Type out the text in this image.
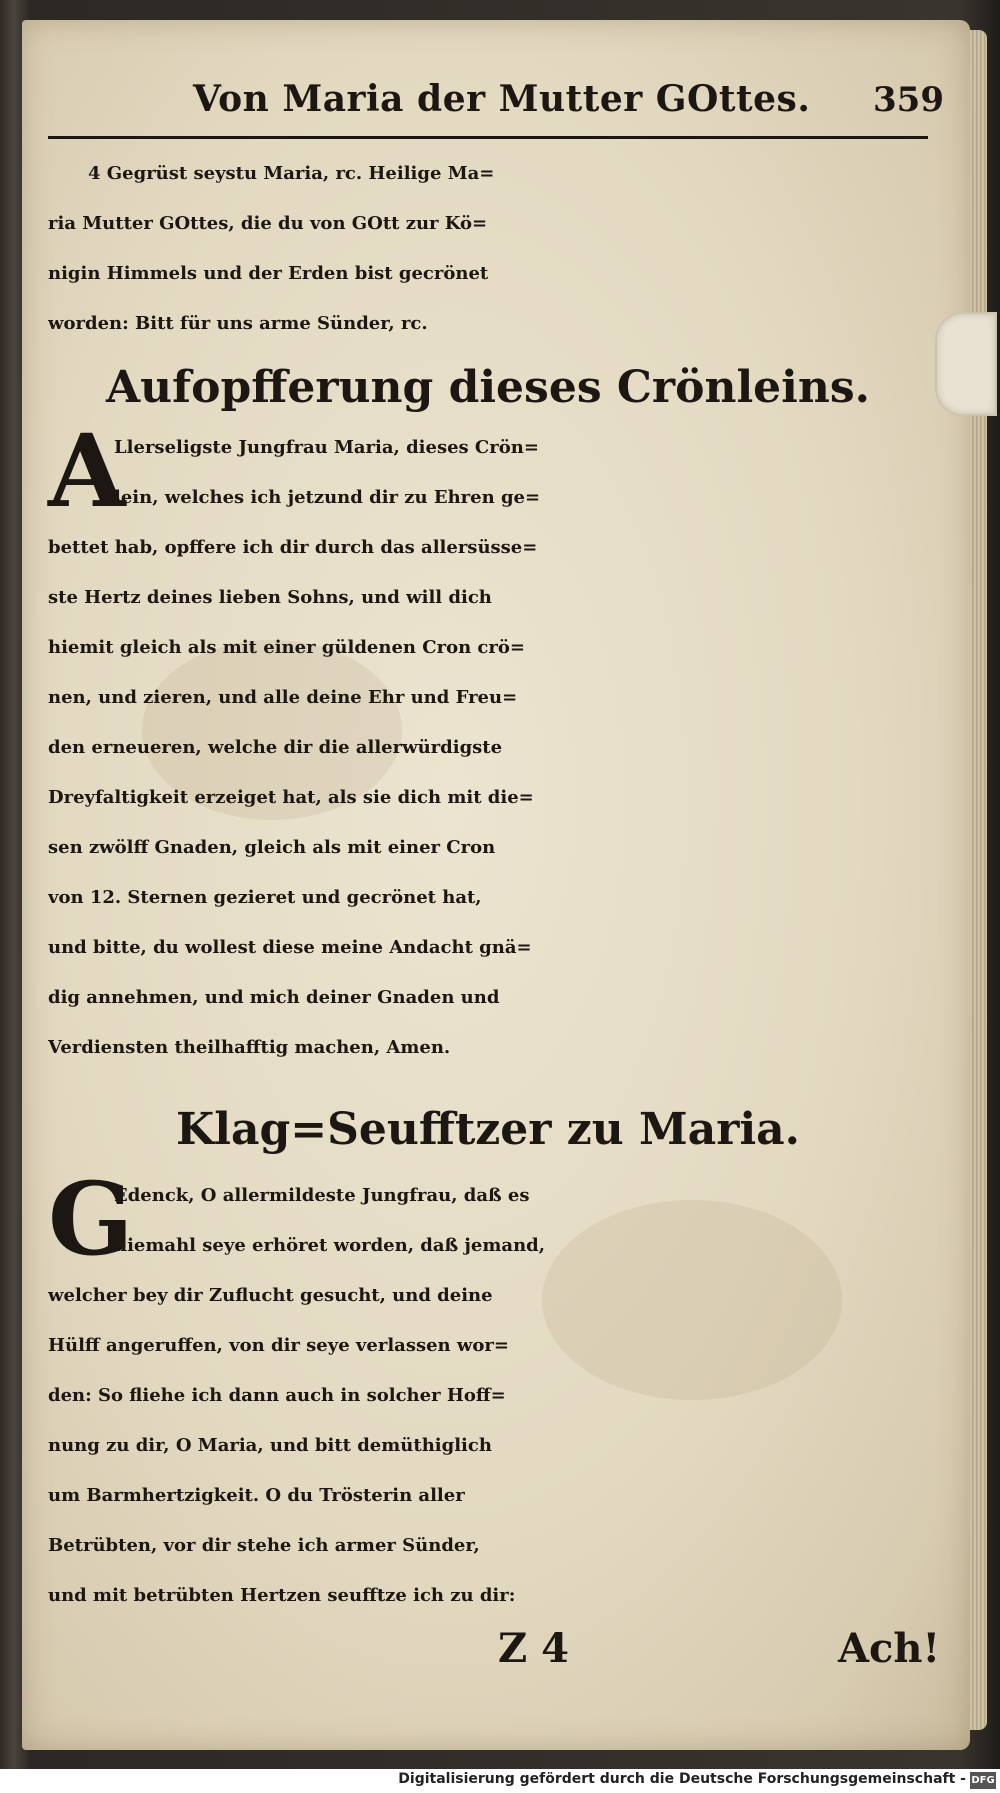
Von Maria der Mutter GOttes. 359
4 Gegrüst seystu Maria, rc. Heilige Ma=
ria Mutter GOttes, die du von GOtt zur Kö=
nigin Himmels und der Erden bist gecrönet
worden: Bitt für uns arme Sünder, rc.
Aufopfferung dieses Crönleins.
A
Llerseligste Jungfrau Maria, dieses Crön=
lein, welches ich jetzund dir zu Ehren ge=
bettet hab, opffere ich dir durch das allersüsse=
ste Hertz deines lieben Sohns, und will dich
hiemit gleich als mit einer güldenen Cron crö=
nen, und zieren, und alle deine Ehr und Freu=
den erneueren, welche dir die allerwürdigste
Dreyfaltigkeit erzeiget hat, als sie dich mit die=
sen zwölff Gnaden, gleich als mit einer Cron
von 12. Sternen gezieret und gecrönet hat,
und bitte, du wollest diese meine Andacht gnä=
dig annehmen, und mich deiner Gnaden und
Verdiensten theilhafftig machen, Amen.
Klag=Seufftzer zu Maria.
G
Edenck, O allermildeste Jungfrau, daß es
niemahl seye erhöret worden, daß jemand,
welcher bey dir Zuflucht gesucht, und deine
Hülff angeruffen, von dir seye verlassen wor=
den: So fliehe ich dann auch in solcher Hoff=
nung zu dir, O Maria, und bitt demüthiglich
um Barmhertzigkeit. O du Trösterin aller
Betrübten, vor dir stehe ich armer Sünder,
und mit betrübten Hertzen seufftze ich zu dir:
Z 4	Ach!
Digitalisierung gefördert durch die Deutsche Forschungsgemeinschaft - DFG
